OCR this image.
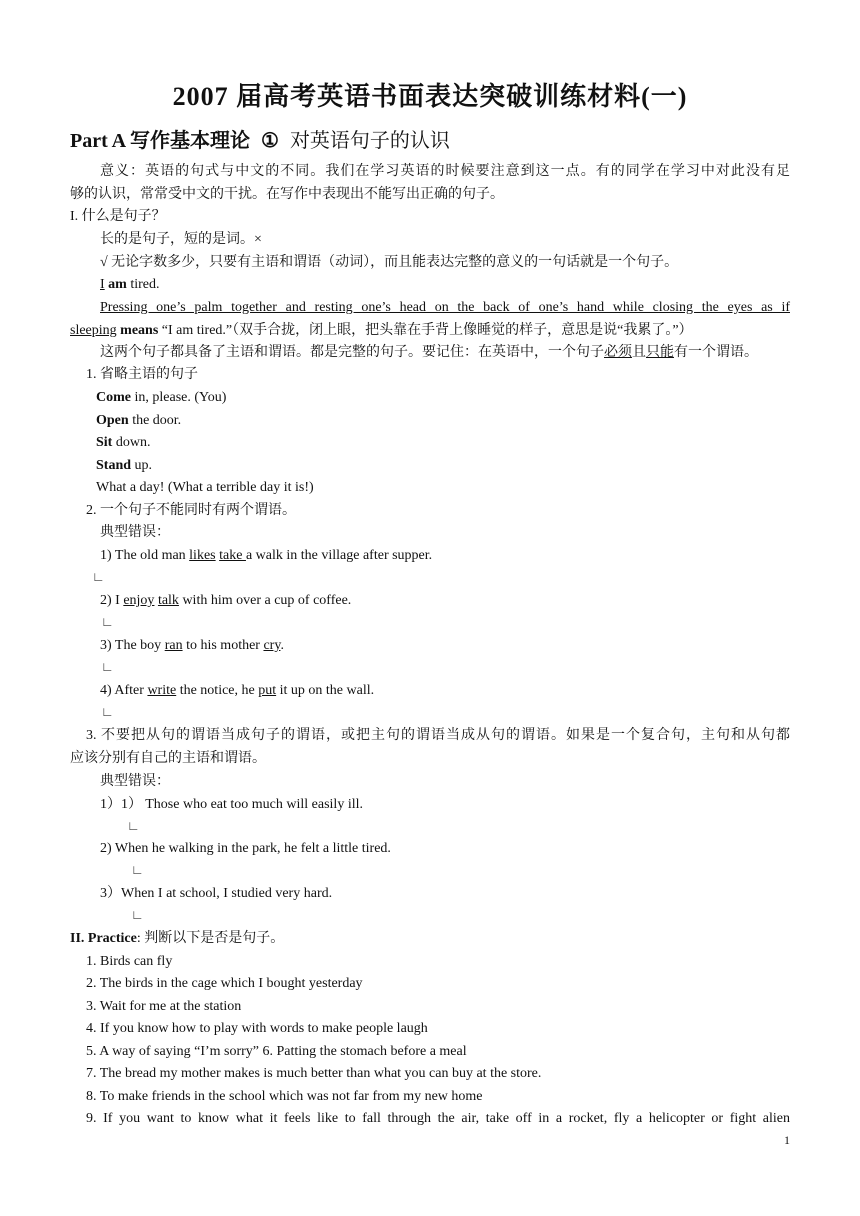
2007 届高考英语书面表达突破训练材料(一)
Part A 写作基本理论 ① 对英语句子的认识
意义：英语的句式与中文的不同。我们在学习英语的时候要注意到这一点。有的同学在学习中对此没有足
够的认识，常常受中文的干扰。在写作中表现出不能写出正确的句子。
I. 什么是句子？
长的是句子，短的是词。×
√ 无论字数多少，只要有主语和谓语（动词），而且能表达完整的意义的一句话就是一个句子。
I am tired.
Pressing one’s palm together and resting one’s head on the back of one’s hand while closing the eyes as if
sleeping means “I am tired.”（双手合拢，闭上眼，把头靠在手背上像睡觉的样子，意思是说“我累了。”）
这两个句子都具备了主语和谓语。都是完整的句子。要记住：在英语中，一个句子必须且只能有一个谓语。
1. 省略主语的句子
Come in, please. (You)
Open the door.
Sit down.
Stand up.
What a day! (What a terrible day it is!)
2. 一个句子不能同时有两个谓语。
典型错误：
1) The old man likes take a walk in the village after supper.
∟
2) I enjoy talk with him over a cup of coffee.
∟
3) The boy ran to his mother cry.
∟
4) After write the notice, he put it up on the wall.
∟
3. 不要把从句的谓语当成句子的谓语，或把主句的谓语当成从句的谓语。如果是一个复合句，主句和从句都
应该分别有自己的主语和谓语。
典型错误：
1）1） Those who eat too much will easily ill.
∟
2) When he walking in the park, he felt a little tired.
∟
3）When I at school, I studied very hard.
∟
II. Practice: 判断以下是否是句子。
1. Birds can fly
2. The birds in the cage which I bought yesterday
3. Wait for me at the station
4. If you know how to play with words to make people laugh
5. A way of saying “I’m sorry” 6. Patting the stomach before a meal
7. The bread my mother makes is much better than what you can buy at the store.
8. To make friends in the school which was not far from my new home
9. If you want to know what it feels like to fall through the air, take off in a rocket, fly a helicopter or fight alien
1
